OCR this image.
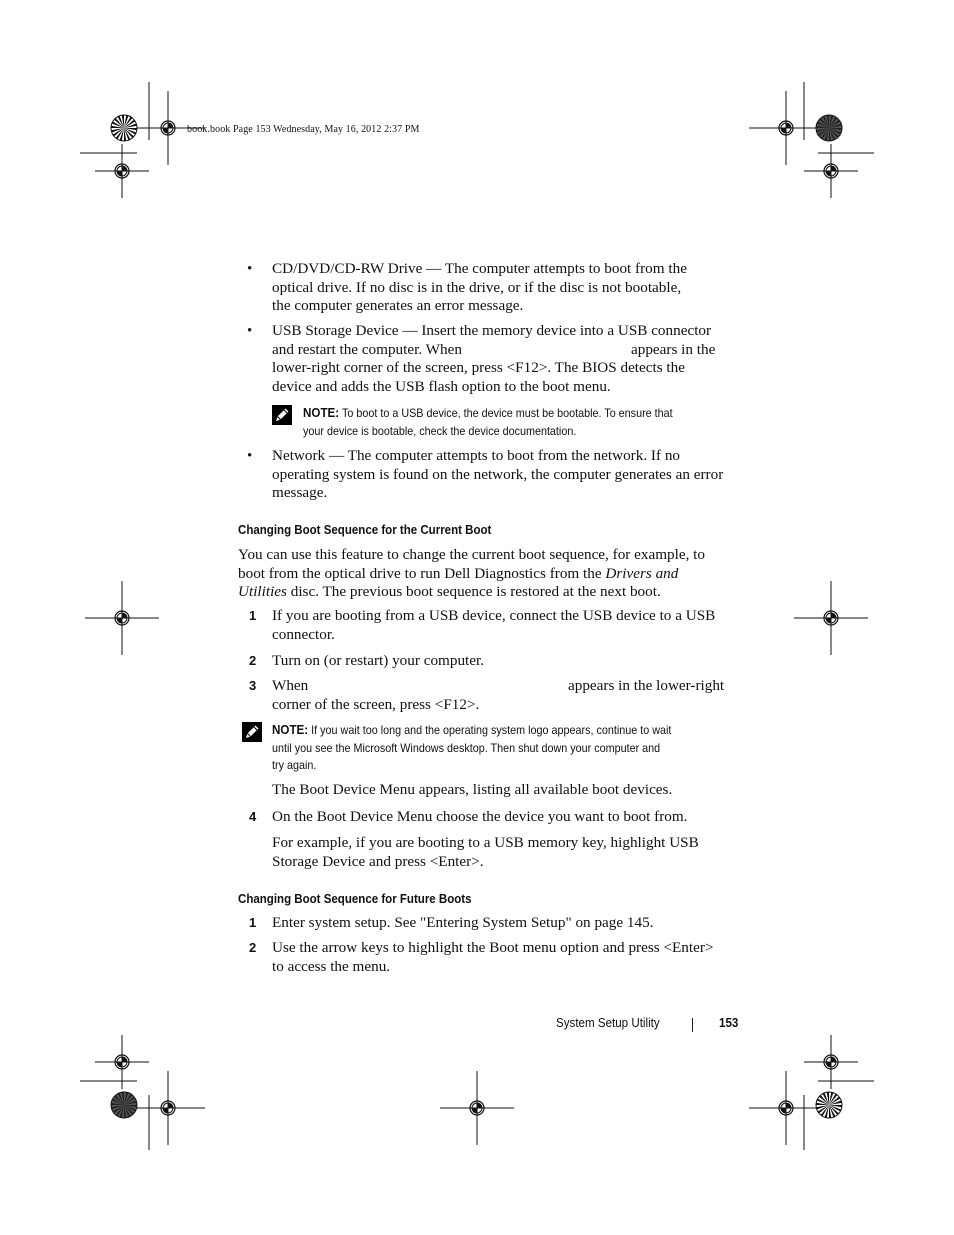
book.book Page 153 Wednesday, May 16, 2012 2:37 PM
• CD/DVD/CD-RW Drive — The computer attempts to boot from the
optical drive. If no disc is in the drive, or if the disc is not bootable,
the computer generates an error message.
• USB Storage Device — Insert the memory device into a USB connector
and restart the computer. When	appears in the
lower-right corner of the screen, press <F12>. The BIOS detects the
device and adds the USB flash option to the boot menu.
NOTE: To boot to a USB device, the device must be bootable. To ensure that
your device is bootable, check the device documentation.
• Network — The computer attempts to boot from the network. If no
operating system is found on the network, the computer generates an error
message.
Changing Boot Sequence for the Current Boot
You can use this feature to change the current boot sequence, for example, to
boot from the optical drive to run Dell Diagnostics from the Drivers and
Utilities disc. The previous boot sequence is restored at the next boot.
1 If you are booting from a USB device, connect the USB device to a USB
connector.
2 Turn on (or restart) your computer.
3 When	appears in the lower-right
corner of the screen, press <F12>.
NOTE: If you wait too long and the operating system logo appears, continue to wait
until you see the Microsoft Windows desktop. Then shut down your computer and
try again.
The Boot Device Menu appears, listing all available boot devices.
4 On the Boot Device Menu choose the device you want to boot from.
For example, if you are booting to a USB memory key, highlight USB
Storage Device and press <Enter>.
Changing Boot Sequence for Future Boots
1 Enter system setup. See "Entering System Setup" on page 145.
2 Use the arrow keys to highlight the Boot menu option and press <Enter>
to access the menu.
System Setup Utility	153
